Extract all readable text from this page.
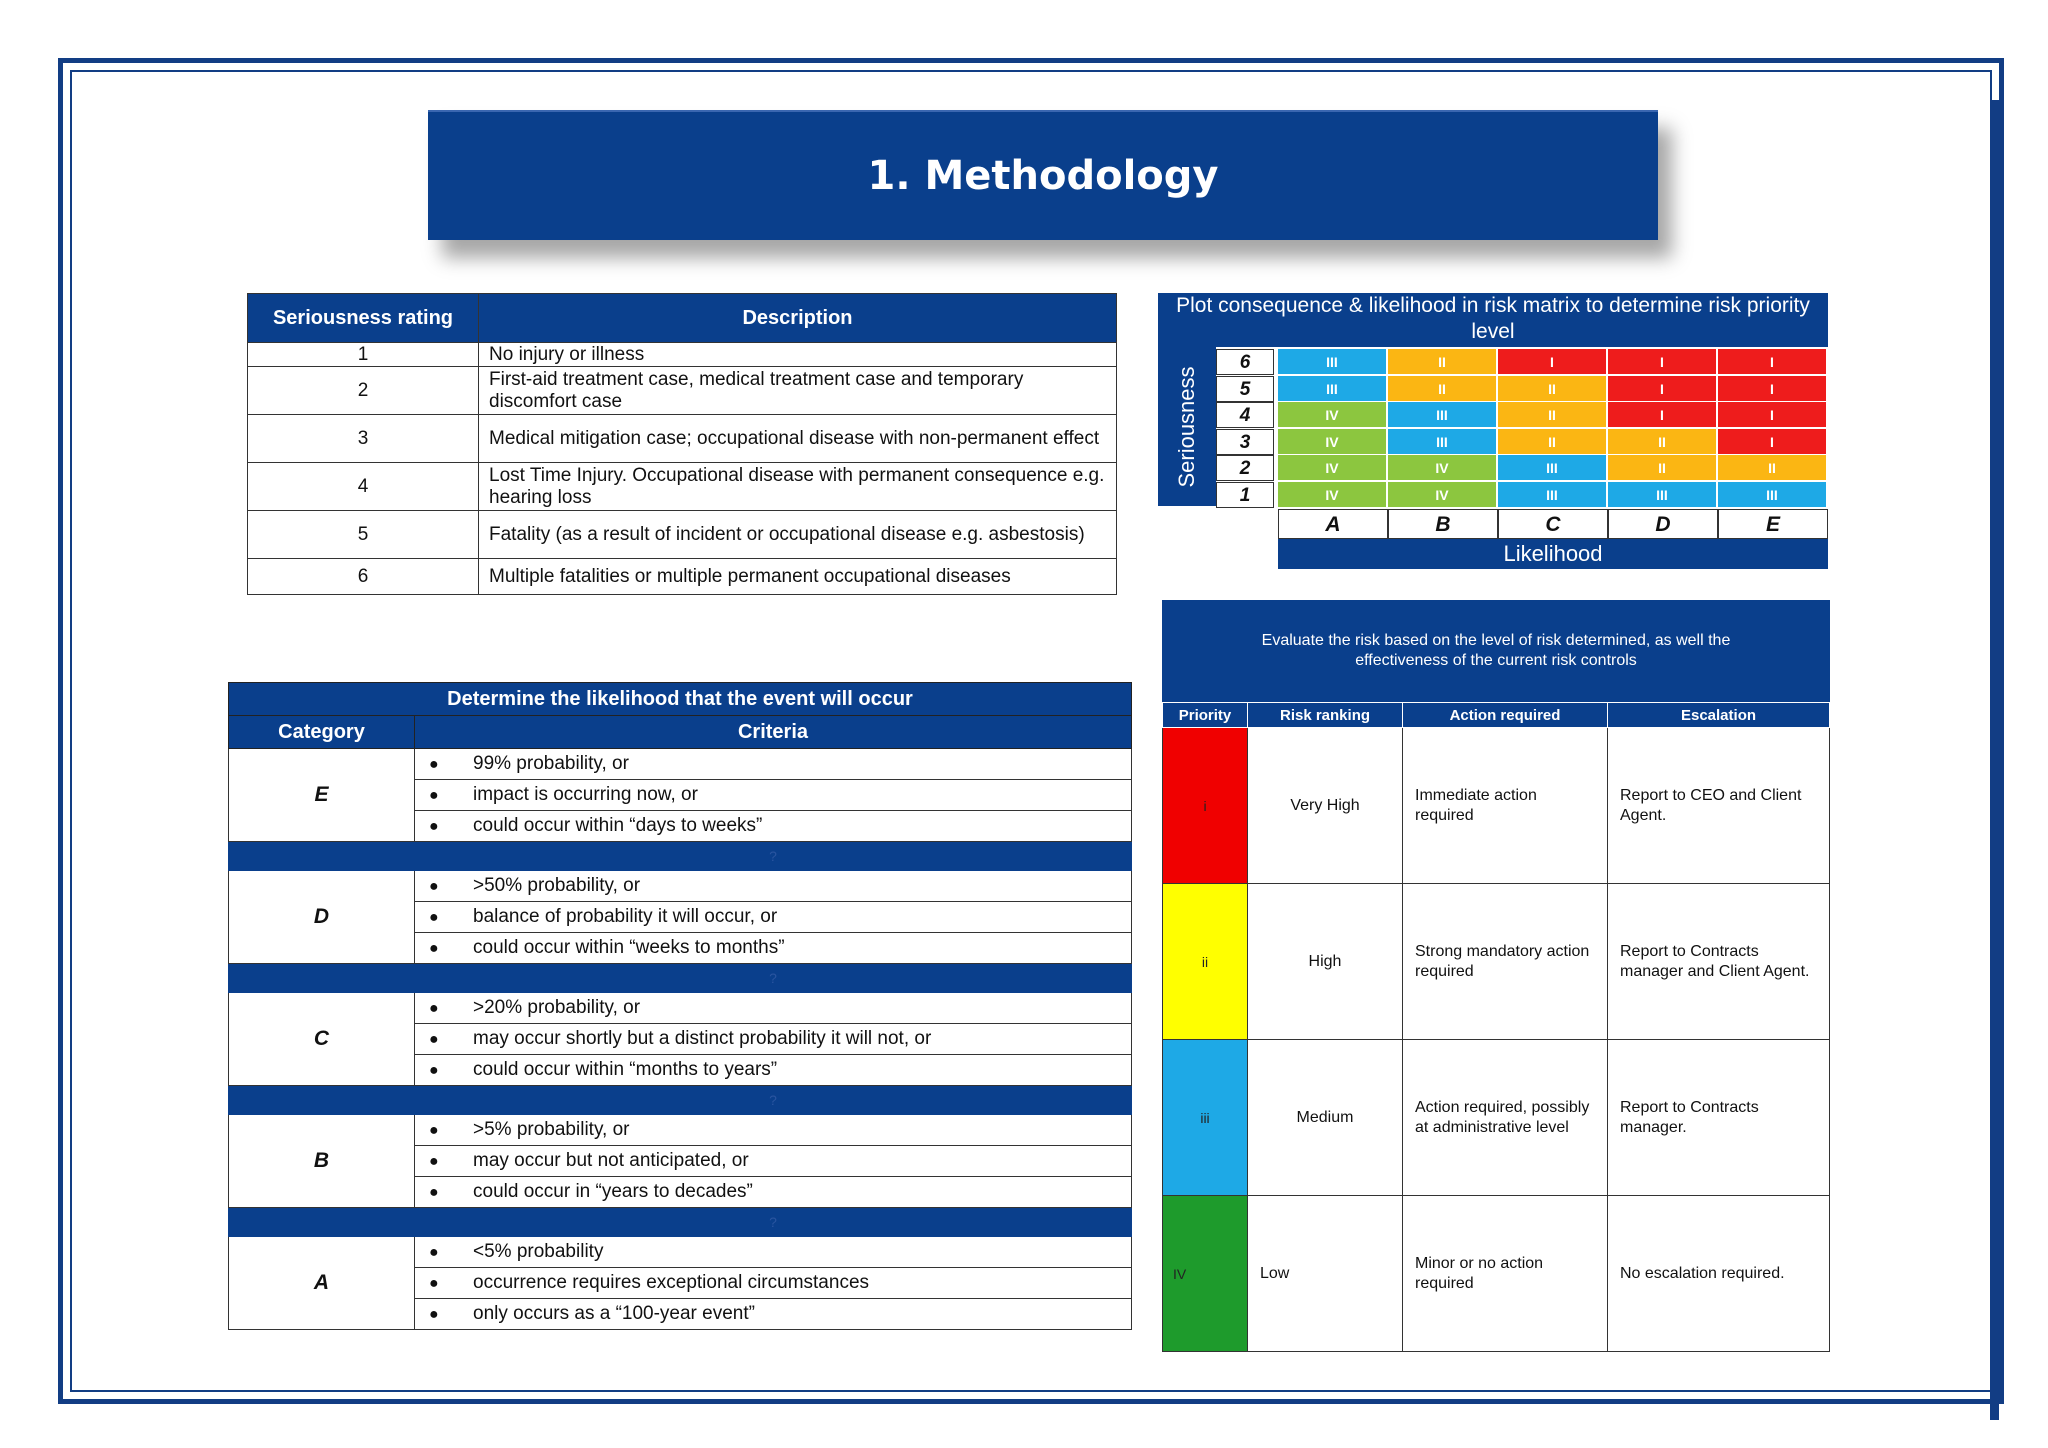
1. Methodology
Seriousness rating	Description
1	No injury or illness
2	First-aid treatment case, medical treatment case and temporary discomfort case
3	Medical mitigation case; occupational disease with non-permanent effect
4	Lost Time Injury. Occupational disease with permanent consequence e.g. hearing loss
5	Fatality (as a result of incident or occupational disease e.g. asbestosis)
6	Multiple fatalities or multiple permanent occupational diseases
Determine the likelihood that the event will occur	
Category	Criteria
E	● 99% probability, or
	● impact is occurring now, or
	● could occur within “days to weeks”
	?
D	● >50% probability, or
	● balance of probability it will occur, or
	● could occur within “weeks to months”
	?
C	● >20% probability, or
	● may occur shortly but a distinct probability it will not, or
	● could occur within “months to years”
	?
B	● >5% probability, or
	● may occur but not anticipated, or
	● could occur in “years to decades”
	?
A	● <5% probability
	● occurrence requires exceptional circumstances
	● only occurs as a “100-year event”
Plot consequence & likelihood in risk matrix to determine risk priority level
Seriousness
Likelihood
6	III	II	I	I	I
5	III	II	II	I	I
4	IV	III	II	I	I
3	IV	III	II	II	I
2	IV	IV	III	II	II
1	IV	IV	III	III	III
A	B	C	D	E
Evaluate the risk based on the level of risk determined, as well the effectiveness of the current risk controls
Priority	Risk ranking	Action required	Escalation
i	Very High	Immediate action required	Report to CEO and Client Agent.
ii	High	Strong mandatory action required	Report to Contracts manager and Client Agent.
iii	Medium	Action required, possibly at administrative level	Report to Contracts manager.
IV	Low	Minor or no action required	No escalation required.
